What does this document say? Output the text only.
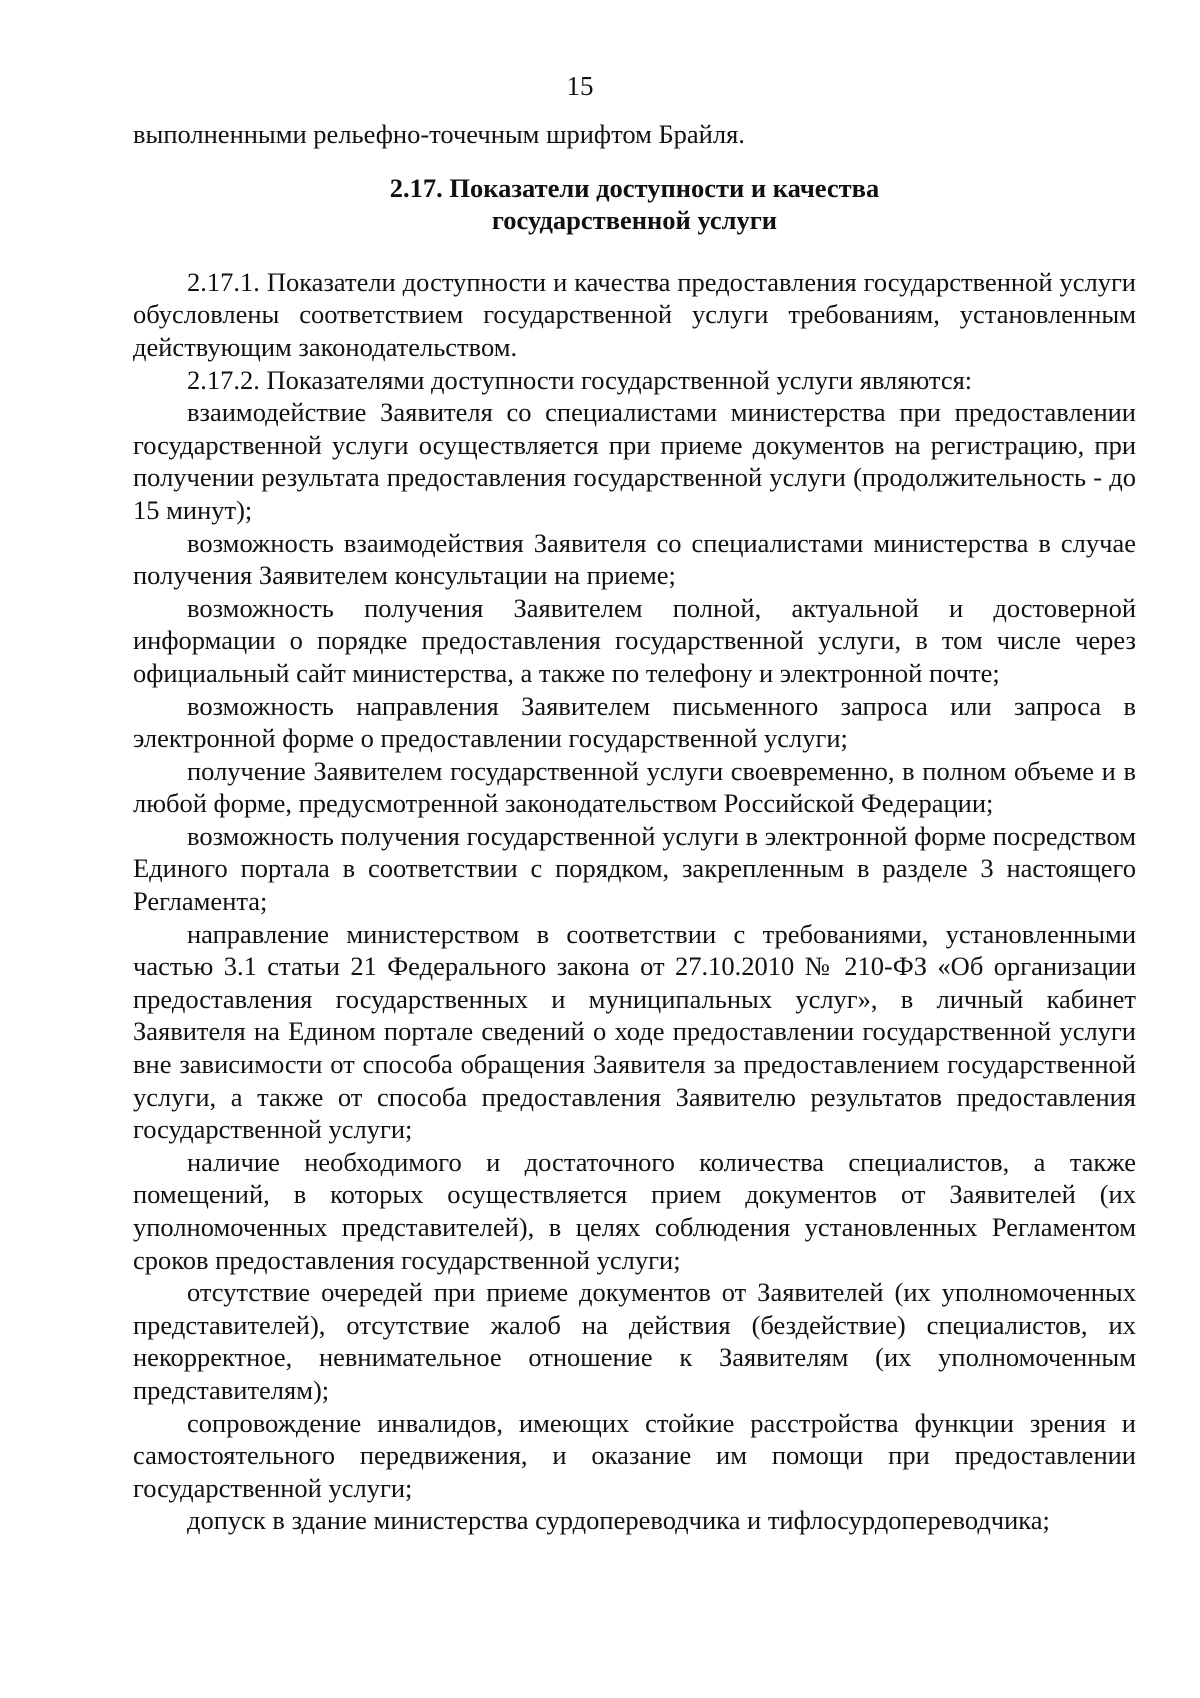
15

выполненными рельефно-точечным шрифтом Брайля.

2.17. Показатели доступности и качества
государственной услуги

2.17.1. Показатели доступности и качества предоставления государственной услуги обусловлены соответствием государственной услуги требованиям, установленным действующим законодательством.

2.17.2. Показателями доступности государственной услуги являются:

взаимодействие Заявителя со специалистами министерства при предоставлении государственной услуги осуществляется при приеме документов на регистрацию, при получении результата предоставления государственной услуги (продолжительность - до 15 минут);

возможность взаимодействия Заявителя со специалистами министерства в случае получения Заявителем консультации на приеме;

возможность получения Заявителем полной, актуальной и достоверной информации о порядке предоставления государственной услуги, в том числе через официальный сайт министерства, а также по телефону и электронной почте;

возможность направления Заявителем письменного запроса или запроса в электронной форме о предоставлении государственной услуги;

получение Заявителем государственной услуги своевременно, в полном объеме и в любой форме, предусмотренной законодательством Российской Федерации;

возможность получения государственной услуги в электронной форме посредством Единого портала в соответствии с порядком, закрепленным в разделе 3 настоящего Регламента;

направление министерством в соответствии с требованиями, установленными частью 3.1 статьи 21 Федерального закона от 27.10.2010 № 210-ФЗ «Об организации предоставления государственных и муниципальных услуг», в личный кабинет Заявителя на Едином портале сведений о ходе предоставлении государственной услуги вне зависимости от способа обращения Заявителя за предоставлением государственной услуги, а также от способа предоставления Заявителю результатов предоставления государственной услуги;

наличие необходимого и достаточного количества специалистов, а также помещений, в которых осуществляется прием документов от Заявителей (их уполномоченных представителей), в целях соблюдения установленных Регламентом сроков предоставления государственной услуги;

отсутствие очередей при приеме документов от Заявителей (их уполномоченных представителей), отсутствие жалоб на действия (бездействие) специалистов, их некорректное, невнимательное отношение к Заявителям (их уполномоченным представителям);

сопровождение инвалидов, имеющих стойкие расстройства функции зрения и самостоятельного передвижения, и оказание им помощи при предоставлении государственной услуги;

допуск в здание министерства сурдопереводчика и тифлосурдопереводчика;
